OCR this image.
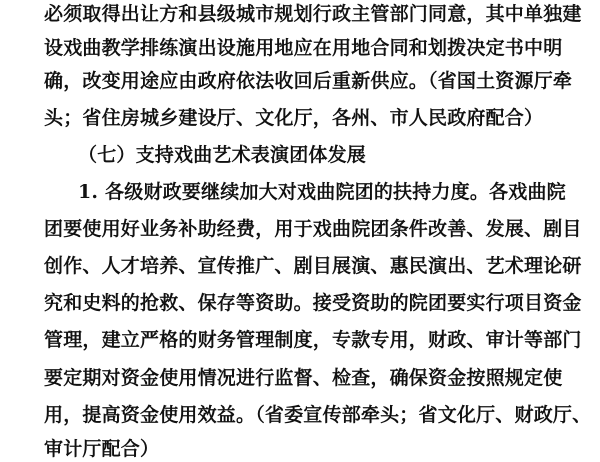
必须取得出让方和县级城市规划行政主管部门同意，其中单独建
设戏曲教学排练演出设施用地应在用地合同和划拨决定书中明
确，改变用途应由政府依法收回后重新供应。（省国土资源厅牵
头；省住房城乡建设厅、文化厅，各州、市人民政府配合）
（七）支持戏曲艺术表演团体发展
1. 各级财政要继续加大对戏曲院团的扶持力度。各戏曲院
团要使用好业务补助经费，用于戏曲院团条件改善、发展、剧目
创作、人才培养、宣传推广、剧目展演、惠民演出、艺术理论研
究和史料的抢救、保存等资助。接受资助的院团要实行项目资金
管理，建立严格的财务管理制度，专款专用，财政、审计等部门
要定期对资金使用情况进行监督、检查，确保资金按照规定使
用，提高资金使用效益。（省委宣传部牵头；省文化厅、财政厅、
审计厅配合）
